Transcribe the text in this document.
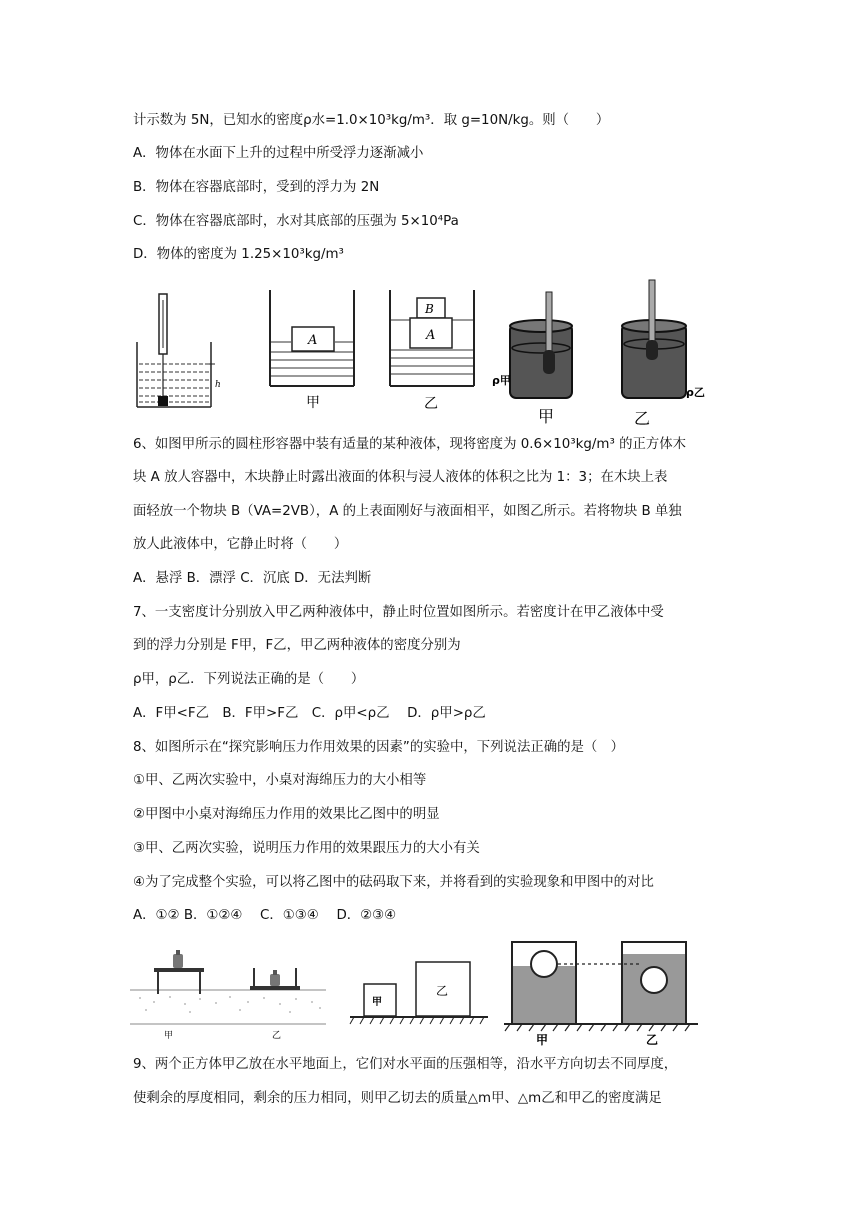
计示数为 5N，已知水的密度ρ水=1.0×10³kg/m³．取 g=10N/kg。则（　　）
A．物体在水面下上升的过程中所受浮力逐渐减小
B．物体在容器底部时，受到的浮力为 2N
C．物体在容器底部时，水对其底部的压强为 5×10⁴Pa
D．物体的密度为 1.25×10³kg/m³
h
A
甲
B
A
乙
ρ甲
甲
ρ乙
乙
6、如图甲所示的圆柱形容器中装有适量的某种液体，现将密度为 0.6×10³kg/m³ 的正方体木
块 A 放人容器中，木块静止时露出液面的体积与浸人液体的体积之比为 1：3；在木块上表
面轻放一个物块 B（VA=2VB），A 的上表面刚好与液面相平，如图乙所示。若将物块 B 单独
放人此液体中，它静止时将（　　）
A．悬浮 B．漂浮 C．沉底 D．无法判断
7、一支密度计分别放入甲乙两种液体中，静止时位置如图所示。若密度计在甲乙液体中受
到的浮力分别是 F甲，F乙，甲乙两种液体的密度分别为
ρ甲，ρ乙．下列说法正确的是（　　）
A．F甲<F乙　B．F甲>F乙　C．ρ甲<ρ乙　 D．ρ甲>ρ乙
8、如图所示在“探究影响压力作用效果的因素”的实验中，下列说法正确的是（　）
①甲、乙两次实验中，小桌对海绵压力的大小相等
②甲图中小桌对海绵压力作用的效果比乙图中的明显
③甲、乙两次实验，说明压力作用的效果跟压力的大小有关
④为了完成整个实验，可以将乙图中的砝码取下来，并将看到的实验现象和甲图中的对比
A．①② B．①②④　 C．①③④　 D．②③④
甲	乙
甲
乙
甲	乙
9、两个正方体甲乙放在水平地面上，它们对水平面的压强相等，沿水平方向切去不同厚度，
使剩余的厚度相同，剩余的压力相同，则甲乙切去的质量△m甲、△m乙和甲乙的密度满足
